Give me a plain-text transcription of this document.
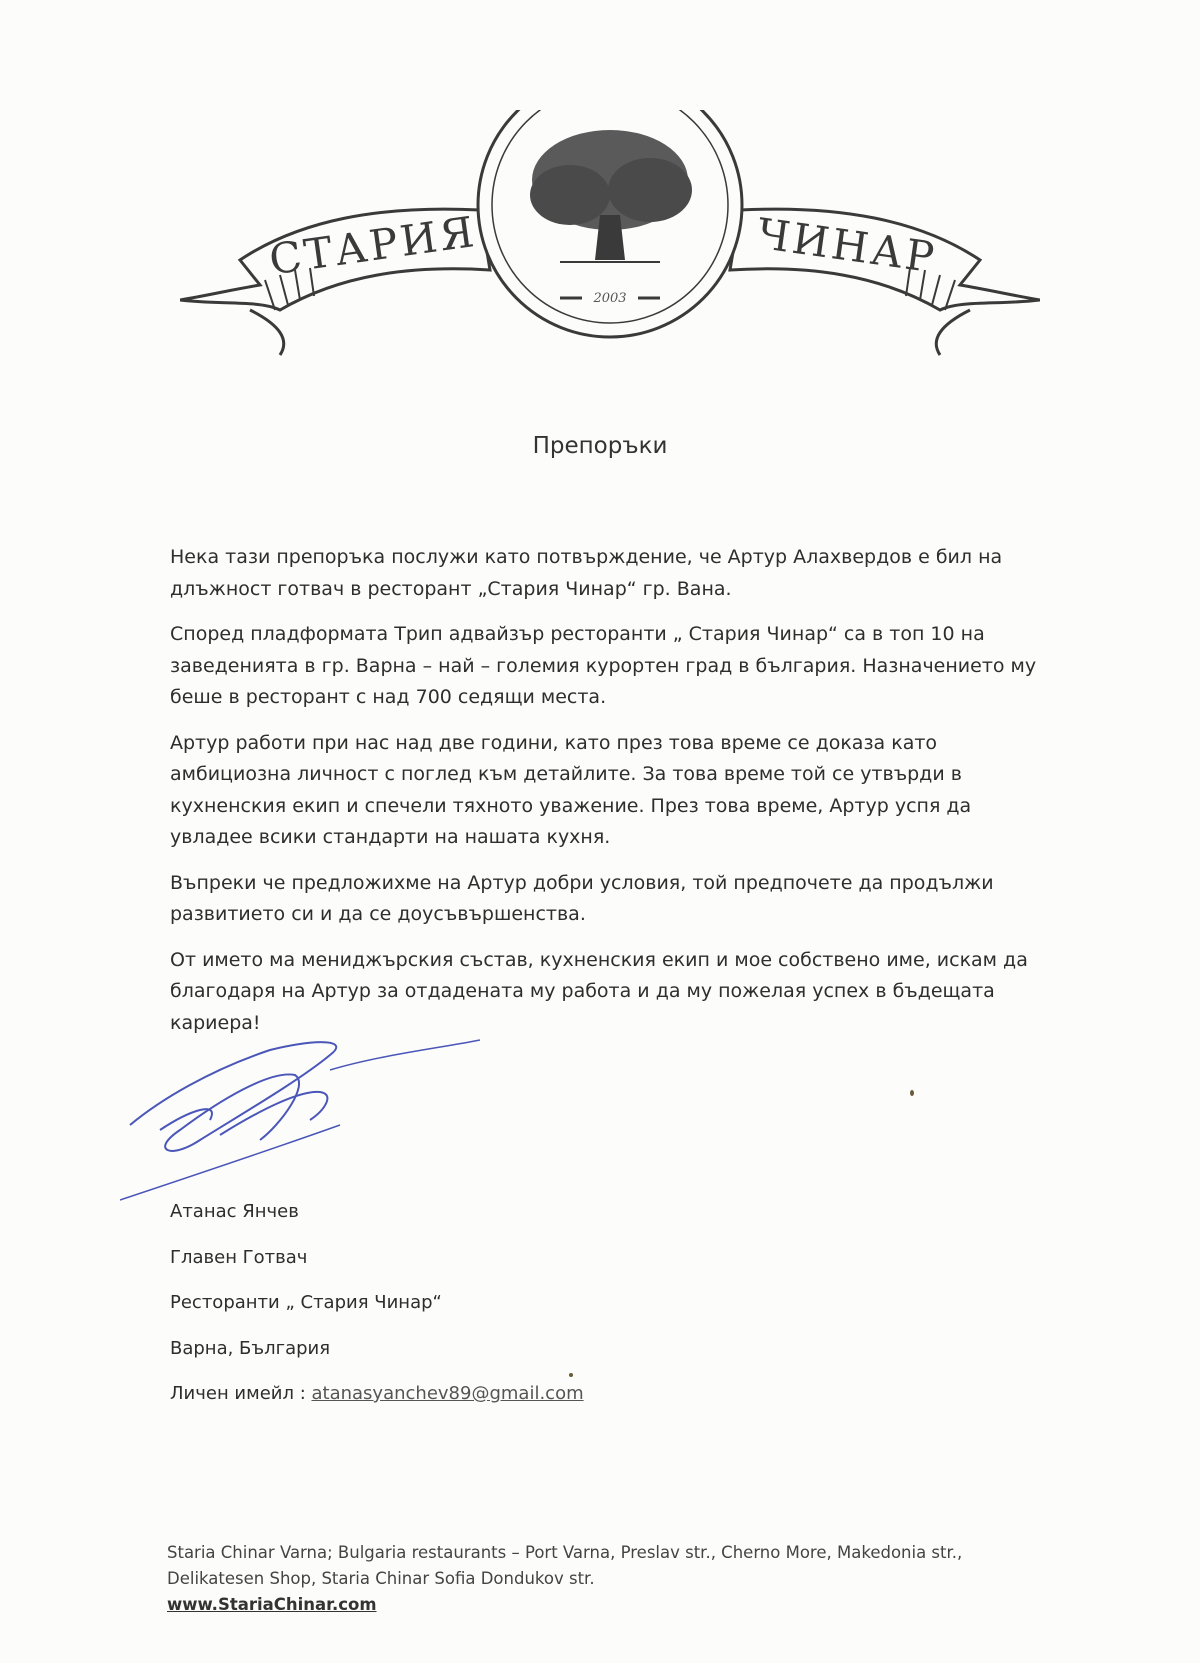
2003
СТАРИЯ	ЧИНАР
Препоръки

Нека тази препоръка послужи като потвърждение, че Артур Алахвердов е бил на длъжност готвач в ресторант „Стария Чинар“ гр. Вана.

Според пладформата Трип адвайзър ресторанти „ Стария Чинар“ са в топ 10 на заведенията в гр. Варна – най – големия курортен град в българия. Назначението му беше в ресторант с над 700 седящи места.

Артур работи при нас над две години, като през това време се доказа като амбициозна личност с поглед към детайлите. За това време той се утвърди в кухненския екип и спечели тяхното уважение. През това време, Артур успя да увладее всики стандарти на нашата кухня.

Въпреки че предложихме на Артур добри условия, той предпочете да продължи развитието си и да се доусъвършенства.

От името ма мениджърския състав, кухненския екип и мое собствено име, искам да благодаря на Артур за отдадената му работа и да му пожелая успех в бъдещата кариера!

Атанас Янчев
Главен Готвач
Ресторанти „ Стария Чинар“
Варна, България
Личен имейл : atanasyanchev89@gmail.com
Staria Chinar Varna; Bulgaria restaurants – Port Varna, Preslav str., Cherno More, Makedonia str.,
Delikatesen Shop, Staria Chinar Sofia Dondukov str.
www.StariaChinar.com
